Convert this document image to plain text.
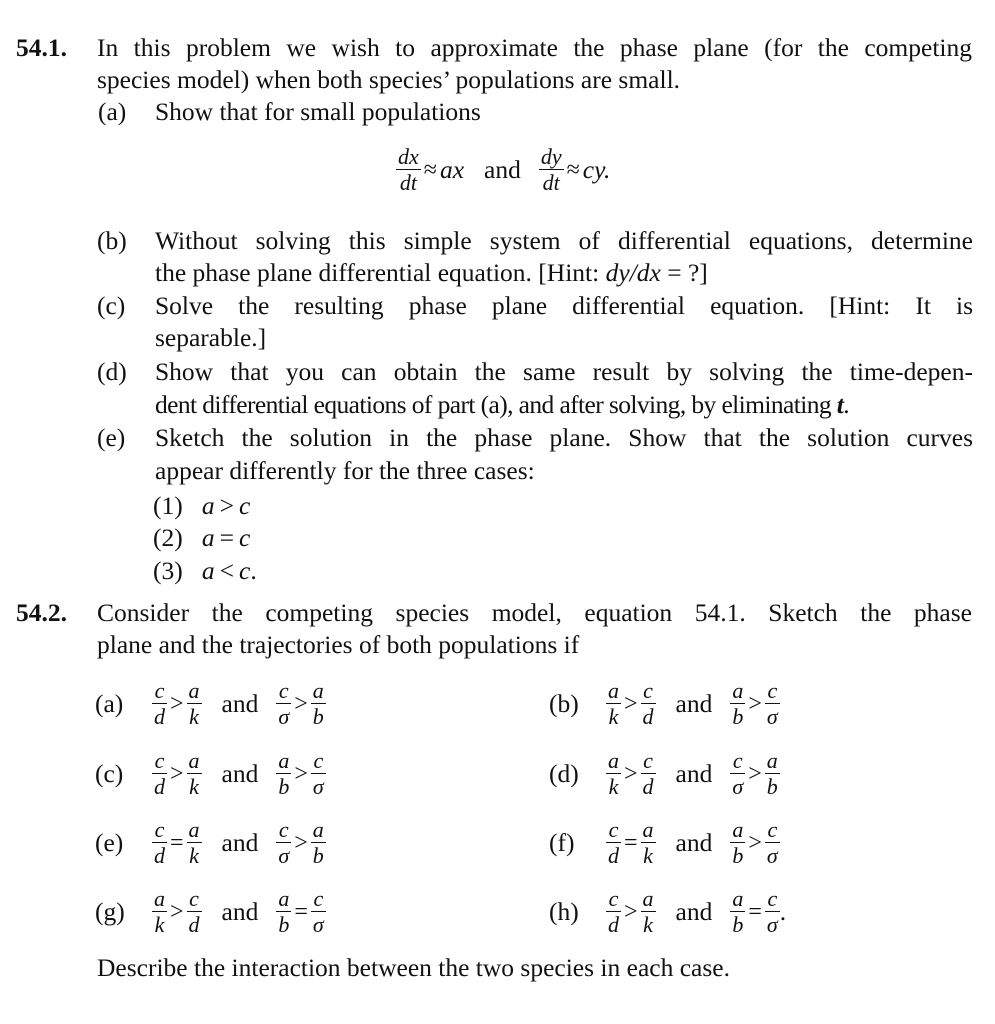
54.1. In this problem we wish to approximate the phase plane (for the competing
species model) when both species’ populations are small.
(a) Show that for small populations
$\frac{dx}{dt}$ ≈ ax and $\frac{dy}{dt}$ ≈ cy.
(b) Without solving this simple system of differential equations, determine
the phase plane differential equation. [Hint: dy/dx = ?]
(c) Solve the resulting phase plane differential equation. [Hint: It is
separable.]
(d) Show that you can obtain the same result by solving the time-depen-
dent differential equations of part (a), and after solving, by eliminating t.
(e) Sketch the solution in the phase plane. Show that the solution curves
appear differently for the three cases:
(1) a > c
(2) a = c
(3) a < c.
54.2. Consider the competing species model, equation 54.1. Sketch the phase
plane and the trajectories of both populations if
$(a) \frac{c}{d} > \frac{a}{k}$ and $\frac{c}{\sigma} > \frac{a}{b}$	$(b) \frac{a}{k} > \frac{c}{d}$ and $\frac{a}{b} > \frac{c}{\sigma}$
$(c) \frac{c}{d} > \frac{a}{k}$ and $\frac{a}{b} > \frac{c}{\sigma}$	$(d) \frac{a}{k} > \frac{c}{d}$ and $\frac{c}{\sigma} > \frac{a}{b}$
$(e) \frac{c}{d} = \frac{a}{k}$ and $\frac{c}{\sigma} > \frac{a}{b}$	$(f) \frac{c}{d} = \frac{a}{k}$ and $\frac{a}{b} > \frac{c}{\sigma}$
$(g) \frac{a}{k} > \frac{c}{d}$ and $\frac{a}{b} = \frac{c}{\sigma}$	$(h) \frac{c}{d} > \frac{a}{k}$ and $\frac{a}{b} = \frac{c}{\sigma}$ .
Describe the interaction between the two species in each case.
